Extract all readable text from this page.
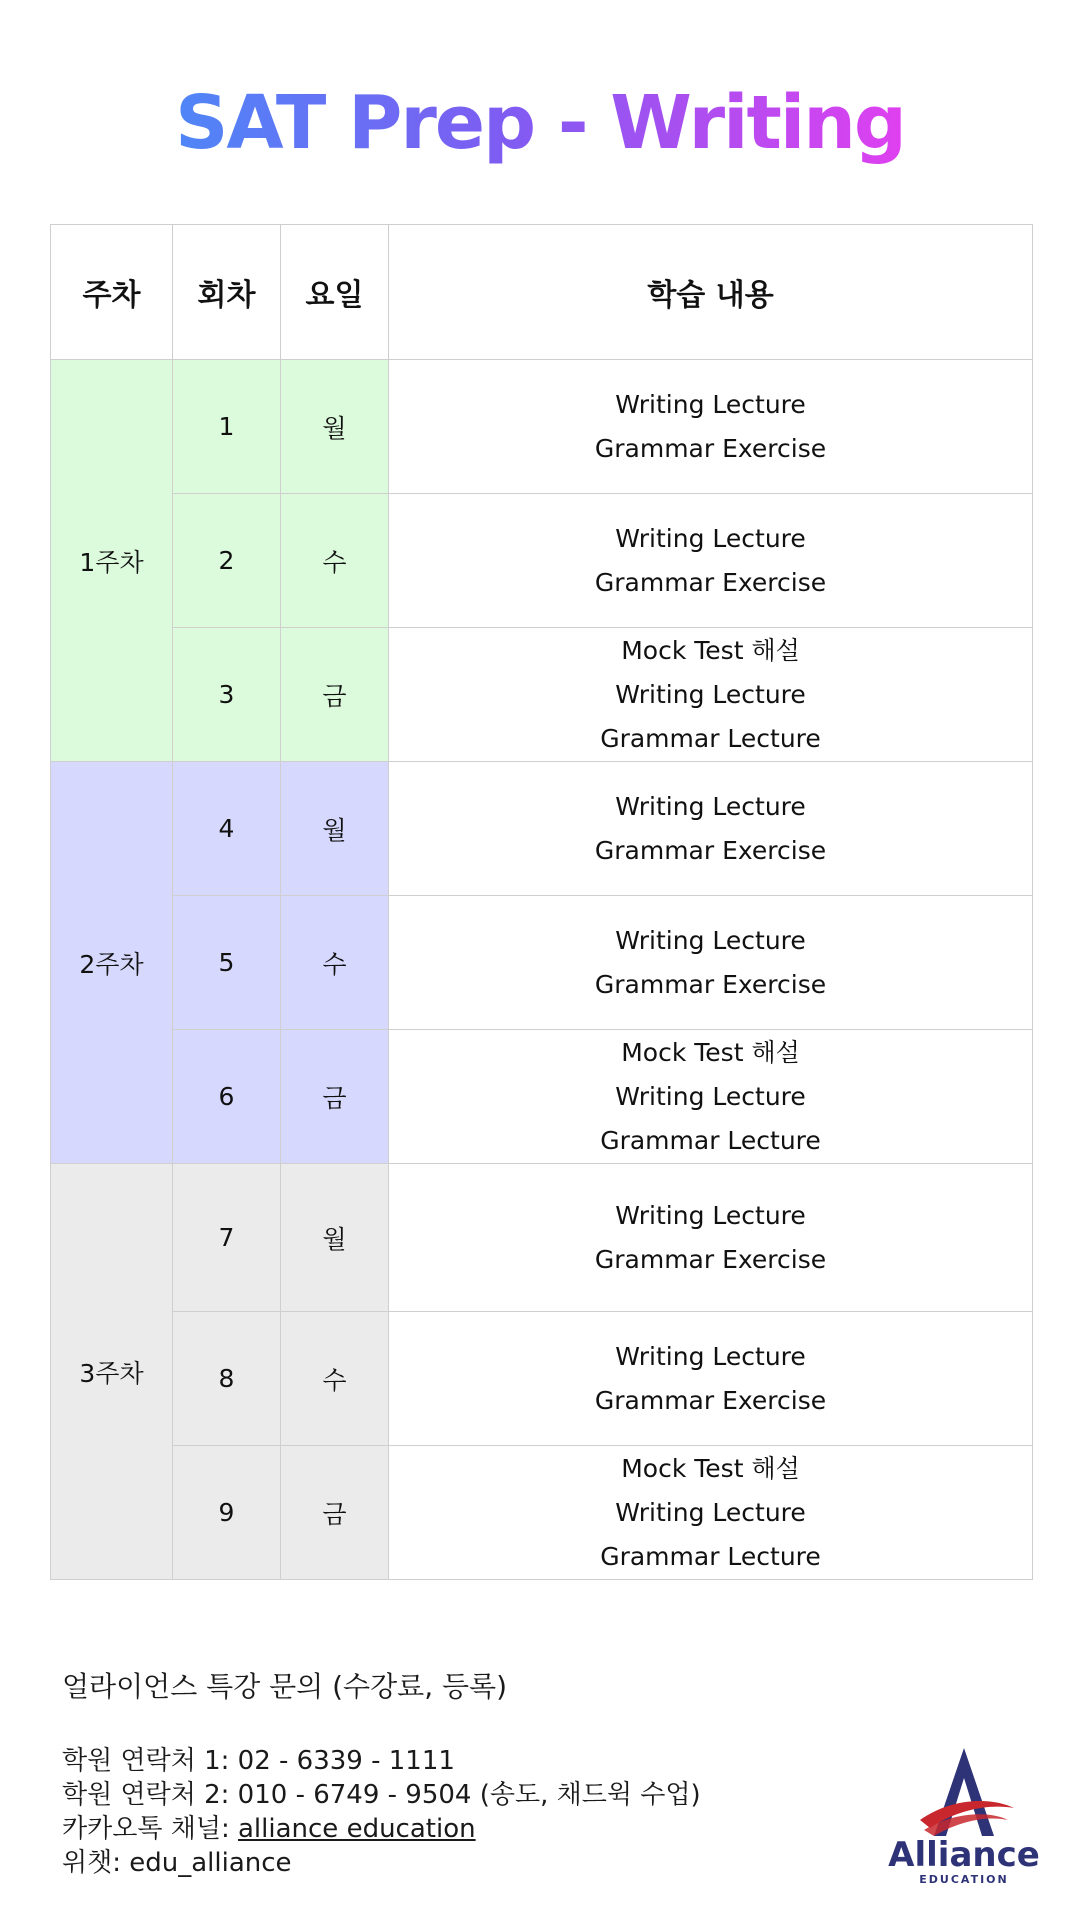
SAT Prep - Writing
주차	회차	요일	학습 내용
1주차	1	월	Writing Lecture
Grammar Exercise

	2	수	Writing Lecture
Grammar Exercise

	3	금	Mock Test 해설
Writing Lecture
Grammar Lecture

2주차	4	월	Writing Lecture
Grammar Exercise

	5	수	Writing Lecture
Grammar Exercise

	6	금	Mock Test 해설
Writing Lecture
Grammar Lecture

3주차	7	월	Writing Lecture
Grammar Exercise

	8	수	Writing Lecture
Grammar Exercise

	9	금	Mock Test 해설
Writing Lecture
Grammar Lecture
얼라이언스 특강 문의 (수강료, 등록)
학원 연락처 1: 02 - 6339 - 1111
학원 연락처 2: 010 - 6749 - 9504 (송도, 채드윅 수업)
카카오톡 채널: alliance education
위챗: edu_alliance	Alliance
EDUCATION
